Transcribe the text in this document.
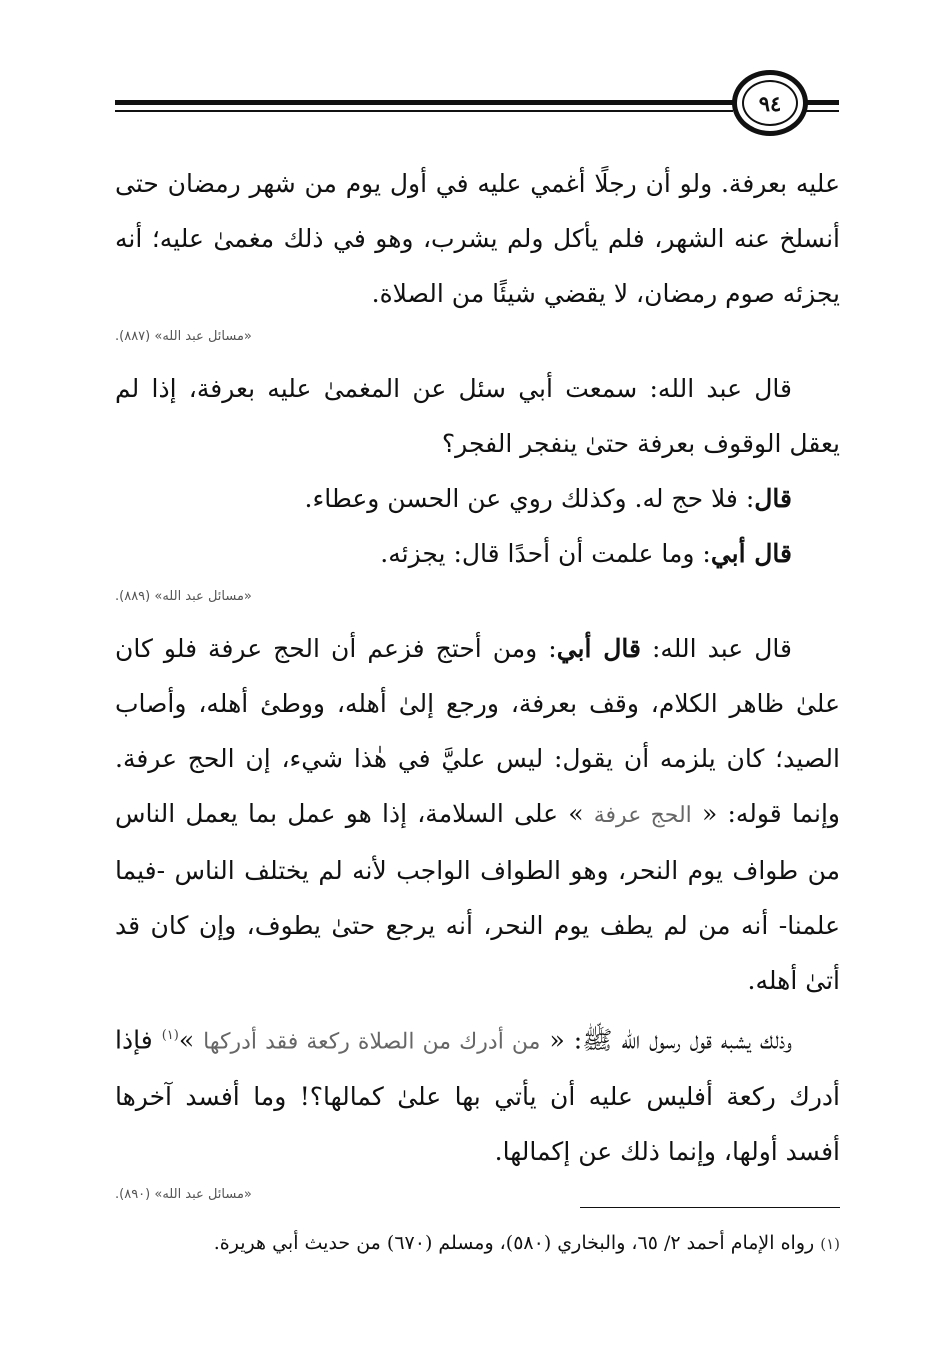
٩٤

عليه بعرفة. ولو أن رجلًا أغمي عليه في أول يوم من شهر رمضان حتى أنسلخ عنه الشهر، فلم يأكل ولم يشرب، وهو في ذلك مغمىٰ عليه؛ أنه يجزئه صوم رمضان، لا يقضي شيئًا من الصلاة.

«مسائل عبد الله» (٨٨٧).

قال عبد الله: سمعت أبي سئل عن المغمىٰ عليه بعرفة، إذا لم يعقل الوقوف بعرفة حتىٰ ينفجر الفجر؟

قال: فلا حج له. وكذلك روي عن الحسن وعطاء.

قال أبي: وما علمت أن أحدًا قال: يجزئه.

«مسائل عبد الله» (٨٨٩).

قال عبد الله: قال أبي: ومن أحتج فزعم أن الحج عرفة فلو كان علىٰ ظاهر الكلام، وقف بعرفة، ورجع إلىٰ أهله، ووطئ أهله، وأصاب الصيد؛ كان يلزمه أن يقول: ليس عليَّ في هٰذا شيء، إن الحج عرفة. وإنما قوله: « الحج عرفة » على السلامة، إذا هو عمل بما يعمل الناس من طواف يوم النحر، وهو الطواف الواجب لأنه لم يختلف الناس -فيما علمنا- أنه من لم يطف يوم النحر، أنه يرجع حتىٰ يطوف، وإن كان قد أتىٰ أهله.

وذلك يشبه قول رسول الله ﷺ: « من أدرك من الصلاة ركعة فقد أدركها »$^{(١)}$ فإذا أدرك ركعة أفليس عليه أن يأتي بها علىٰ كمالها؟! وما أفسد آخرها أفسد أولها، وإنما ذلك عن إكمالها.

«مسائل عبد الله» (٨٩٠).
(١) رواه الإمام أحمد ٢/ ٦٥، والبخاري (٥٨٠)، ومسلم (٦٧٠) من حديث أبي هريرة.
